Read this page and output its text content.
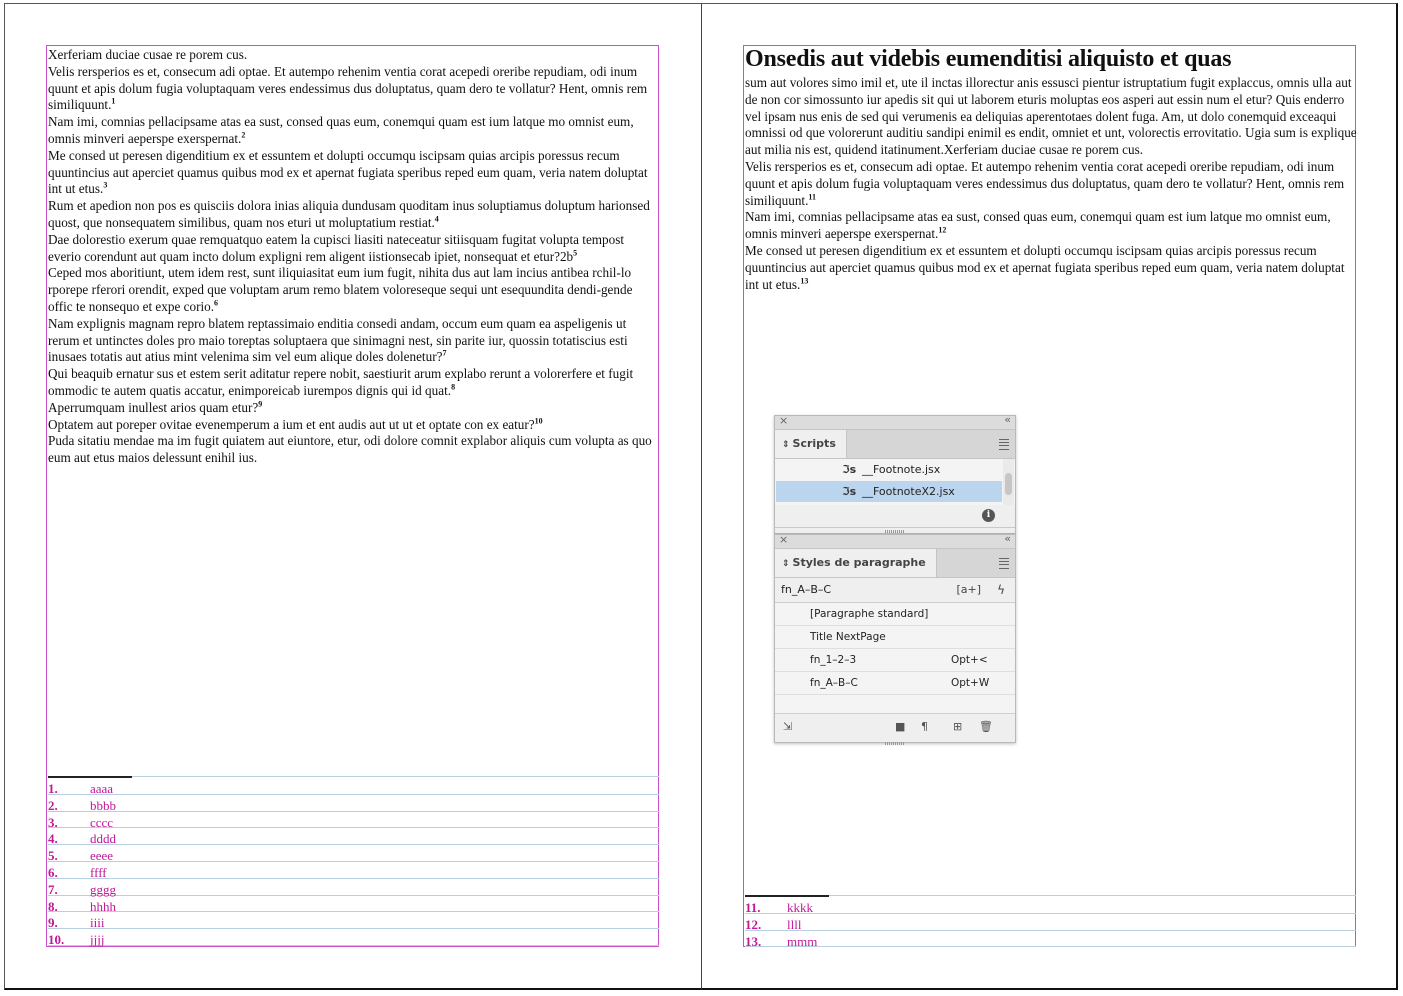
Xerferiam duciae cusae re porem cus.

Velis rersperios es et, consecum adi optae. Et autempo rehenim ventia corat acepedi oreribe repudiam, odi inum quunt et apis dolum fugia voluptaquam veres endessimus dus doluptatus, quam dero te vollatur? Hent, omnis rem similiquunt.$^1$

Nam imi, comnias pellacipsame atas ea sust, consed quas eum, conemqui quam est ium latque mo omnist eum, omnis minveri aeperspe exerspernat.$^2$

Me consed ut peresen digenditium ex et essuntem et dolupti occumqu iscipsam quias arcipis poressus recum quuntincius aut aperciet quamus quibus mod ex et apernat fugiata speribus reped eum quam, veria natem doluptat int ut etus.$^3$

Rum et apedion non pos es quisciis dolora inias aliquia dundusam quoditam inus soluptiamus doluptum harionsed quost, que nonsequatem similibus, quam nos eturi ut moluptatium restiat.$^4$

Dae dolorestio exerum quae remquatquo eatem la cupisci liasiti nateceatur sitiisquam fugitat volupta tempost everio corendunt aut quam incto dolum expligni rem aligent iistionsecab ipiet, nonsequat et etur?2b$^5$

Ceped mos aboritiunt, utem idem rest, sunt iliquiasitat eum ium fugit, nihita dus aut lam incius antibea rchil-lo rporepe rferori orendit, exped que voluptam arum remo blatem voloreseque sequi unt esequundita dendi-gende offic te nonsequo et expe corio.$^6$

Nam explignis magnam repro blatem reptassimaio enditia consedi andam, occum eum quam ea aspeligenis ut rerum et untinctes doles pro maio toreptas soluptaera que sinimagni nest, sin parite iur, quossin totatiscius esti inusaes totatis aut atius mint velenima sim vel eum alique doles dolenetur?$^7$

Qui beaquib ernatur sus et estem serit aditatur repere nobit, saestiurit arum explabo rerunt a volorerfere et fugit ommodic te autem quatis accatur, enimporeicab iurempos dignis qui id quat.$^8$

Aperrumquam inullest arios quam etur?$^9$

Optatem aut poreper ovitae evenemperum a ium et ent audis aut ut ut et optate con ex eatur?$^{10}$

Puda sitatiu mendae ma im fugit quiatem aut eiuntore, etur, odi dolore comnit explabor aliquis cum volupta as quo eum aut etus maios delessunt enihil ius.

1. aaaa
2. bbbb
3. cccc
4. dddd
5. eeee
6. ffff
7. gggg
8. hhhh
9. iiii
10. jjjj
Onsedis aut videbis eumenditisi aliquisto et quas

sum aut volores simo imil et, ute il inctas illorectur anis essusci pientur istruptatium fugit explaccus, omnis ulla aut de non cor simossunto iur apedis sit qui ut laborem eturis moluptas eos asperi aut essin num el etur? Quis enderro vel ipsam nus enis de sed qui verumenis ea deliquias aperentotaes dolent fuga. Am, ut dolo conemquid exceaqui omnissi od que volorerunt auditiu sandipi enimil es endit, omniet et unt, volorectis errovitatio. Ugia sum is explique aut milia nis est, quidend itatinument.Xerferiam duciae cusae re porem cus.

Velis rersperios es et, consecum adi optae. Et autempo rehenim ventia corat acepedi oreribe repudiam, odi inum quunt et apis dolum fugia voluptaquam veres endessimus dus doluptatus, quam dero te vollatur? Hent, omnis rem similiquunt.$^{11}$

Nam imi, comnias pellacipsame atas ea sust, consed quas eum, conemqui quam est ium latque mo omnist eum, omnis minveri aeperspe exerspernat.$^{12}$

Me consed ut peresen digenditium ex et essuntem et dolupti occumqu iscipsam quias arcipis poressus recum quuntincius aut aperciet quamus quibus mod ex et apernat fugiata speribus reped eum quam, veria natem doluptat int ut etus.$^{13}$

11. kkkk
12. llll
13. mmm
×	‹‹
⇕ Scripts
ℑs __Footnote.jsx
ℑs __FootnoteX2.jsx
i
×	‹‹
⇕ Styles de paragraphe
fn_A–B–C	[a+] ϟ
[Paragraphe standard]
Title NextPage
fn_1–2–3	Opt+<
fn_A–B–C	Opt+W
⇲	■ ¶ ⊞ 🗑
